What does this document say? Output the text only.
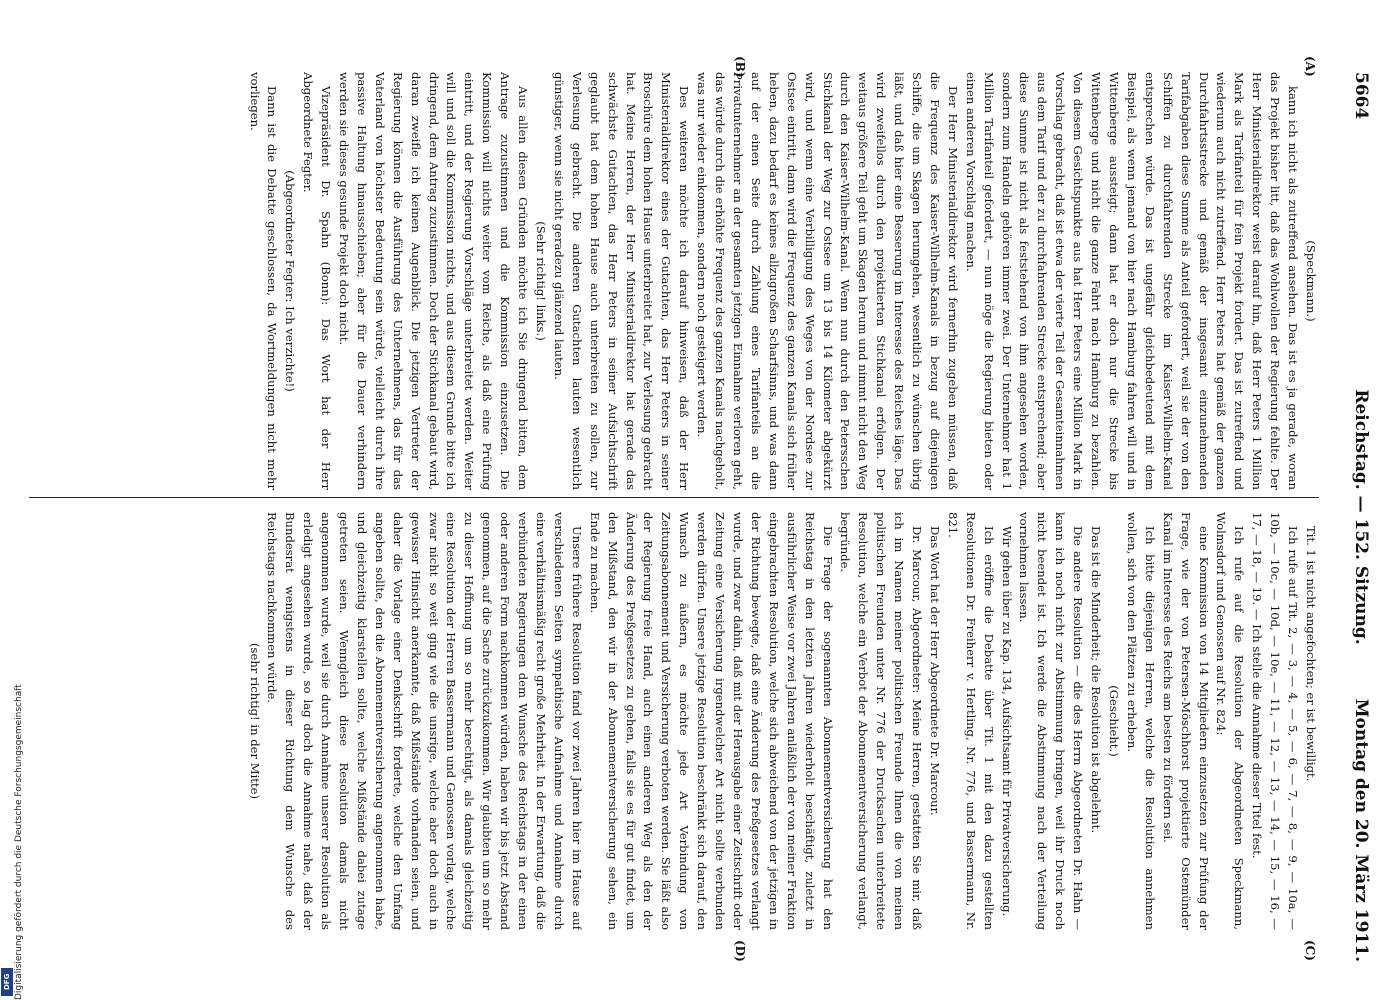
Digitalisierung gefördert durch die Deutsche Forschungsgemeinschaft
DFG
5664
Reichstag. — 152. Sitzung.
Montag den 20. März 1911.
(A)
(B)
(C)
(D)

(Speckmann.)

kann ich nicht als zutreffend ansehen. Das ist es ja gerade, woran das Projekt bisher litt, daß das Wohlwollen der Regierung fehlte. Der Herr Ministerialdirektor weist darauf hin, daß Herr Peters 1 Million Mark als Tarifanteil für fein Projekt fordert. Das ist zutreffend und wiederum auch nicht zutreffend. Herr Peters hat gemäß der ganzen Durchfahrtsstrecke und gemäß der insgesamt einzunehmenden Tarifabgaben diese Summe als Anteil gefordert, weil sie der von den Schiffen zu durchfahrenden Strecke im Kaiser-Wilhelm-Kanal entsprechen würde. Das ist ungefähr gleichbedeutend mit dem Beispiel, als wenn jemand von hier nach Hamburg fahren will und in Wittenberge aussteigt; dann hat er doch nur die Strecke bis Wittenberge und nicht die ganze Fahrt nach Hamburg zu bezahlen. Von diesem Gesichtspunkte aus hat Herr Peters eine Million Mark in Vorschlag gebracht, daß ist etwa der vierte Teil der Gesamteinnahmen aus dem Tarif und der zu durchfahrenden Strecke entsprechend; aber diese Summe ist nicht als feststehend von ihm angesehen worden, sondern zum Handeln gehören immer zwei. Der Unternehmer hat 1 Million Tarifanteil gefordert, — nun möge die Regierung bieten oder einen anderen Vorschlag machen.

Der Herr Ministerialdirektor wird fernerhin zugeben müssen, daß die Frequenz des Kaiser-Wilhelm-Kanals in bezug auf diejenigen Schiffe, die um Skagen herumgehen, wesentlich zu wünschen übrig läßt, und daß hier eine Besserung im Interesse des Reiches läge. Das wird zweifellos durch den projektierten Stichkanal erfolgen. Der weitaus größere Teil geht um Skagen herum und nimmt nicht den Weg durch den Kaiser-Wilhelm-Kanal. Wenn nun durch den Petersschen Stichkanal der Weg zur Ostsee um 13 bis 14 Kilometer abgekürzt wird, und wenn eine Verbilligung des Weges von der Nordsee zur Ostsee eintritt, dann wird die Frequenz des ganzen Kanals sich früher heben, dazu bedarf es keines allzugroßen Scharfsinns, und was dann auf der einen Seite durch Zahlung eines Tarifanteils an die Privatunternehmer an der gesamten jetzigen Einnahme verloren geht, das würde durch die erhöhte Frequenz des ganzen Kanals nachgeholt, was nur wieder einkommen, sondern noch gesteigert werden.

Des weiteren möchte ich darauf hinweisen, daß der Herr Ministerialdirektor eines der Gutachten, das Herr Peters in seiner Broschüre dem hohen Hause unterbreitet hat, zur Verlesung gebracht hat. Meine Herren, der Herr Ministerialdirektor hat gerade das schwächste Gutachten, das Herr Peters in seiner Aufsichtschrift geglaubt hat dem hohen Hause auch unterbreiten zu sollen, zur Verlesung gebracht. Die anderen Gutachten lauten wesentlich günstiger, wenn sie nicht geradezu glänzend lauten.

(Sehr richtig! links.)

Aus allen diesen Gründen möchte ich Sie dringend bitten, dem Antrage zuzustimmen und die Kommission einzusetzen. Die Kommission will nichts weiter vom Reiche, als daß eine Prüfung eintritt, und der Regierung Vorschläge unterbreitet werden. Weiter will und soll die Kommission nichts, und aus diesem Grunde bitte ich dringend, dem Antrag zuzustimmen. Doch der Stichkanal gebaut wird, daran zweifle ich keinen Augenblick. Die jetzigen Vertreter der Regierung können die Ausführung des Unternehmens, das für das Vaterland von höchster Bedeutung sein würde, vielleicht durch ihre passive Haltung hinausschieben; aber für die Dauer verhindern werden sie dieses gesunde Projekt doch nicht.

Vizepräsident Dr. Spahn (Bonn): Das Wort hat der Herr Abgeordnete Fegter.

(Abgeordneter Fegter: Ich verzichte!)

Dann ist die Debatte geschlossen, da Wortmeldungen nicht mehr vorliegen.

Tit. 1 ist nicht angefochten; er ist bewilligt.

Ich rufe auf Tit. 2, — 3, — 4, — 5, — 6, — 7, — 8, — 9, — 10a, — 10b, — 10c, — 10d, — 10e, — 11, — 12, — 13, — 14, — 15, — 16, — 17, — 18, — 19. — Ich stelle die Annahme dieser Titel fest.

Ich rufe auf die Resolution der Abgeordneten Speckmann, Wolmsdorf und Genossen auf Nr. 824:

eine Kommission von 14 Mitgliedern einzusetzen zur Prüfung der Frage, wie der von Petersen-Möschhorst projektierte Ostemünder Kanal im Interesse des Reichs am besten zu fördern sei.

Ich bitte diejenigen Herren, welche die Resolution annehmen wollen, sich von den Plätzen zu erheben.

(Geschieht.)

Das ist die Minderheit; die Resolution ist abgelehnt.

Die andere Resolution — die des Herrn Abgeordneten Dr. Hahn — kann ich noch nicht zur Abstimmung bringen, weil ihr Druck noch nicht beendet ist. Ich werde die Abstimmung nach der Verteilung vornehmen lassen.

Wir gehen über zu Kap. 134, Aufsichtsamt für Privatversicherung.

Ich eröffne die Debatte über Tit. 1 mit den dazu gestellten Resolutionen Dr. Freiherr v. Hertling, Nr. 776, und Bassermann, Nr. 821.

Das Wort hat der Herr Abgeordnete Dr. Marcour.

Dr. Marcour, Abgeordneter: Meine Herren, gestatten Sie mir, daß ich im Namen meiner politischen Freunde Ihnen die von meinen politischen Freunden unter Nr. 776 der Drucksachen unterbreitete Resolution, welche ein Verbot der Abonnementversicherung verlangt, begründe.

Die Frage der sogenannten Abonnementversicherung hat den Reichstag in den letzten Jahren wiederholt beschäftigt, zuletzt in ausführlicher Weise vor zwei Jahren anläßlich der von meiner Fraktion eingebrachten Resolution, welche sich abweichend von der jetzigen in der Richtung bewegte, daß eine Änderung des Preßgesetzes verlangt wurde, und zwar dahin, daß mit der Herausgabe einer Zeitschrift oder Zeitung eine Versicherung irgendwelcher Art nicht sollte verbunden werden dürfen. Unsere jetzige Resolution beschränkt sich darauf, den Wunsch zu äußern, es möchte jede Art Verbindung von Zeitungsabonnement und Versicherung verboten werden. Sie läßt also der Regierung freie Hand, auch einen anderen Weg als den der Änderung des Preßgesetzes zu gehen, falls sie es für gut findet, um den Mißstand, den wir in der Abonnementversicherung sehen, ein Ende zu machen.

Unsere frühere Resolution fand vor zwei Jahren hier im Hause auf verschiedenen Seiten sympathische Aufnahme und Annahme durch eine verhältnismäßig recht große Mehrheit. In der Erwartung, daß die verbündeten Regierungen dem Wunsche des Reichstags in der einen oder anderen Form nachkommen würden, haben wir bis jetzt Abstand genommen, auf die Sache zurückzukommen. Wir glaubten um so mehr zu dieser Hoffnung um so mehr berechtigt, als damals gleichzeitig eine Resolution der Herren Bassermann und Genossen vorlag, welche zwar nicht so weit ging wie die unsrige, welche aber doch auch in gewisser Hinsicht anerkannte, daß Mißstände vorhanden seien, und daher die Vorlage einer Denkschrift forderte, welche den Umfang angeben sollte, den die Abonnementversicherung angenommen habe, und gleichzeitig klarstellen sollte, welche Mißstände dabei zutage getreten seien. Wenngleich diese Resolution damals nicht angenommen wurde, weil sie durch Annahme unserer Resolution als erledigt angesehen wurde, so lag doch die Annahme nahe, daß der Bundesrat wenigstens in dieser Richtung dem Wunsche des Reichstags nachkommen würde.

(sehr richtig! in der Mitte)
